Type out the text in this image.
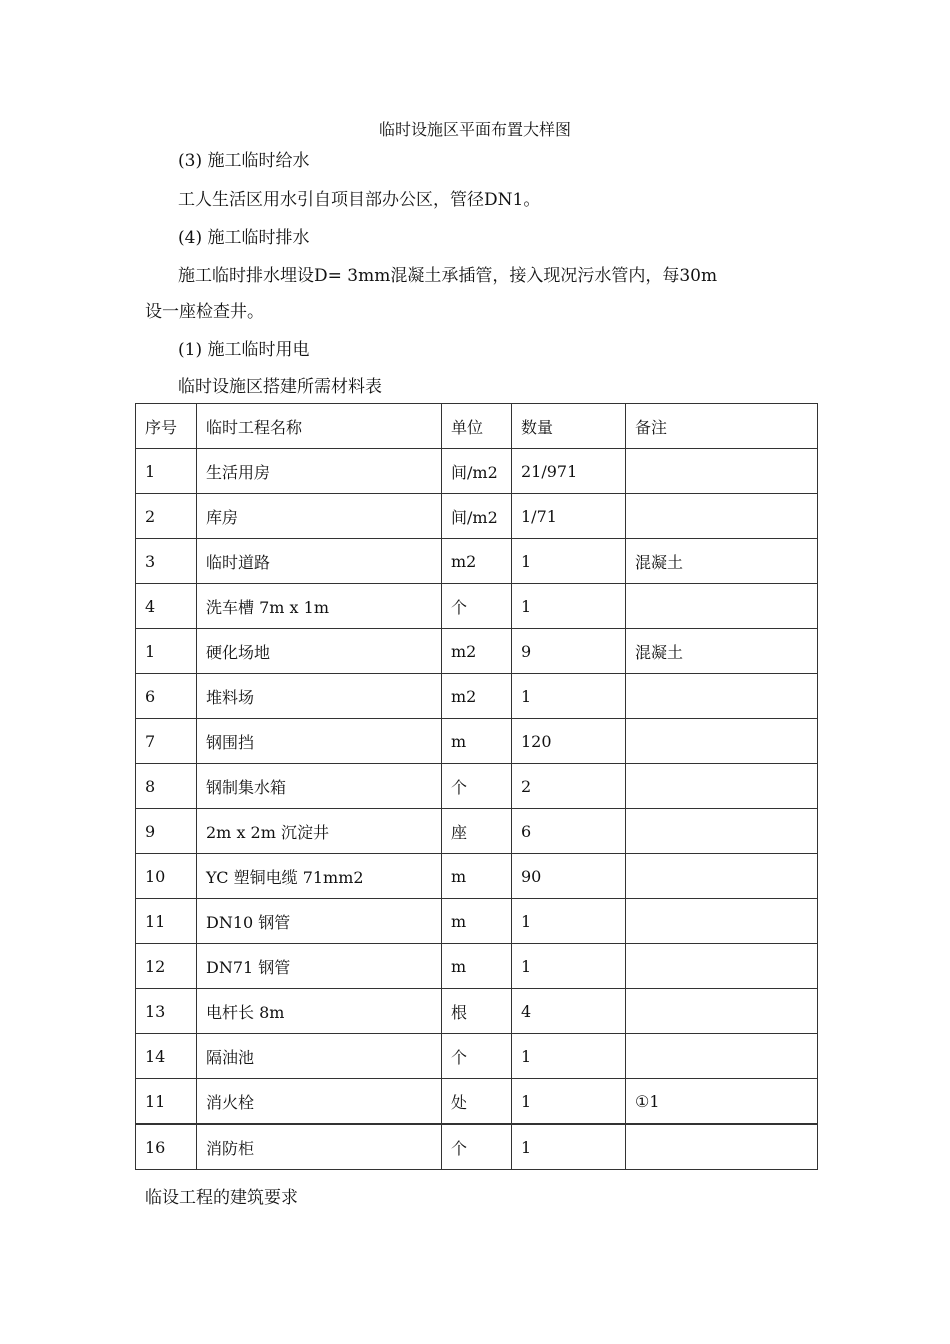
临时设施区平面布置大样图
(3) 施工临时给水
工人生活区用水引自项目部办公区，管径DN1。
(4) 施工临时排水
施工临时排水埋设D= 3mm混凝土承插管，接入现况污水管内，每30m
设一座检查井。
(1) 施工临时用电
临时设施区搭建所需材料表
序号	临时工程名称	单位	数量	备注
1	生活用房	间/m2	21/971	
2	库房	间/m2	1/71	
3	临时道路	m2	1	混凝土
4	洗车槽 7m x 1m	个	1	
1	硬化场地	m2	9	混凝土
6	堆料场	m2	1	
7	钢围挡	m	120	
8	钢制集水箱	个	2	
9	2m x 2m 沉淀井	座	6	
10	YC 塑铜电缆 71mm2	m	90	
11	DN10 钢管	m	1	
12	DN71 钢管	m	1	
13	电杆长 8m	根	4	
14	隔油池	个	1	
11	消火栓	处	1	①1
16	消防柜	个	1	
临设工程的建筑要求
